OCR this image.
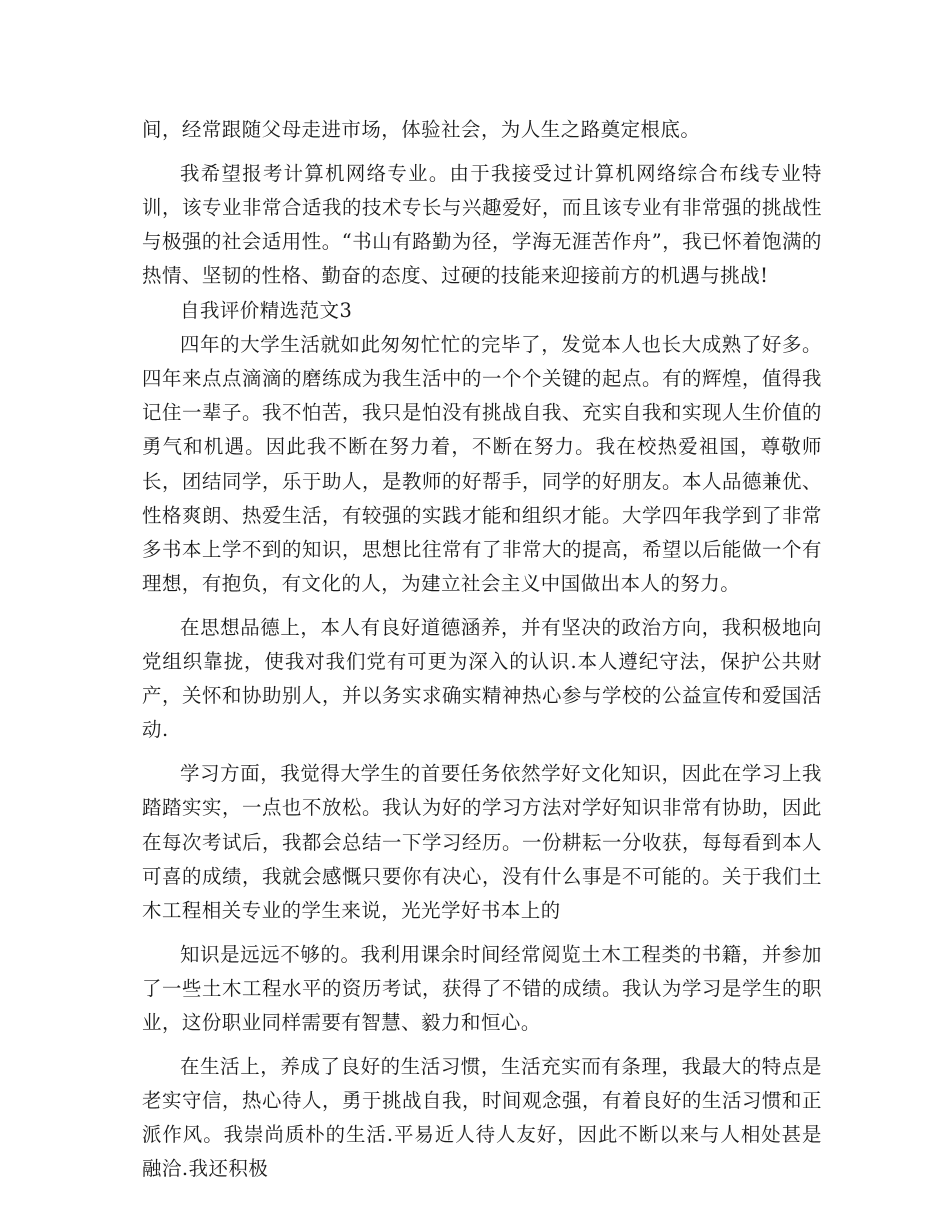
间，经常跟随父母走进市场，体验社会，为人生之路奠定根底。

我希望报考计算机网络专业。由于我接受过计算机网络综合布线专业特训，该专业非常合适我的技术专长与兴趣爱好，而且该专业有非常强的挑战性与极强的社会适用性。“书山有路勤为径，学海无涯苦作舟”，我已怀着饱满的热情、坚韧的性格、勤奋的态度、过硬的技能来迎接前方的机遇与挑战!

自我评价精选范文3

四年的大学生活就如此匆匆忙忙的完毕了，发觉本人也长大成熟了好多。四年来点点滴滴的磨练成为我生活中的一个个关键的起点。有的辉煌，值得我记住一辈子。我不怕苦，我只是怕没有挑战自我、充实自我和实现人生价值的勇气和机遇。因此我不断在努力着，不断在努力。我在校热爱祖国，尊敬师长，团结同学，乐于助人，是教师的好帮手，同学的好朋友。本人品德兼优、性格爽朗、热爱生活，有较强的实践才能和组织才能。大学四年我学到了非常多书本上学不到的知识，思想比往常有了非常大的提高，希望以后能做一个有理想，有抱负，有文化的人，为建立社会主义中国做出本人的努力。

在思想品德上，本人有良好道德涵养，并有坚决的政治方向，我积极地向党组织靠拢，使我对我们党有可更为深入的认识.本人遵纪守法，保护公共财产，关怀和协助别人，并以务实求确实精神热心参与学校的公益宣传和爱国活动.

学习方面，我觉得大学生的首要任务依然学好文化知识，因此在学习上我踏踏实实，一点也不放松。我认为好的学习方法对学好知识非常有协助，因此在每次考试后，我都会总结一下学习经历。一份耕耘一分收获，每每看到本人可喜的成绩，我就会感慨只要你有决心，没有什么事是不可能的。关于我们土木工程相关专业的学生来说，光光学好书本上的

知识是远远不够的。我利用课余时间经常阅览土木工程类的书籍，并参加了一些土木工程水平的资历考试，获得了不错的成绩。我认为学习是学生的职业，这份职业同样需要有智慧、毅力和恒心。

在生活上，养成了良好的生活习惯，生活充实而有条理，我最大的特点是老实守信，热心待人，勇于挑战自我，时间观念强，有着良好的生活习惯和正派作风。我崇尚质朴的生活.平易近人待人友好，因此不断以来与人相处甚是融洽.我还积极
